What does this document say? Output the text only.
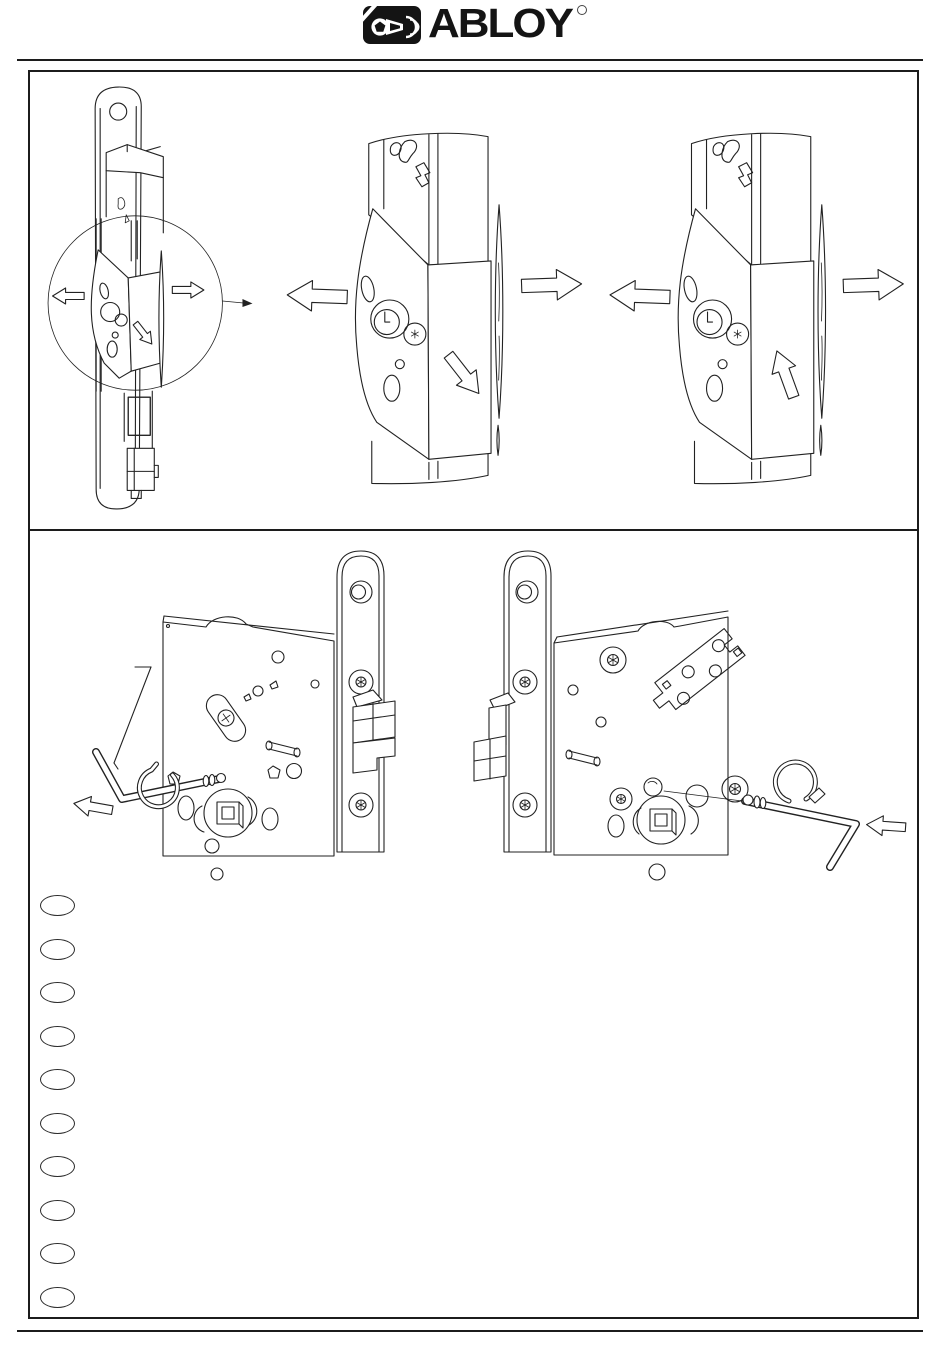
ABLOY
